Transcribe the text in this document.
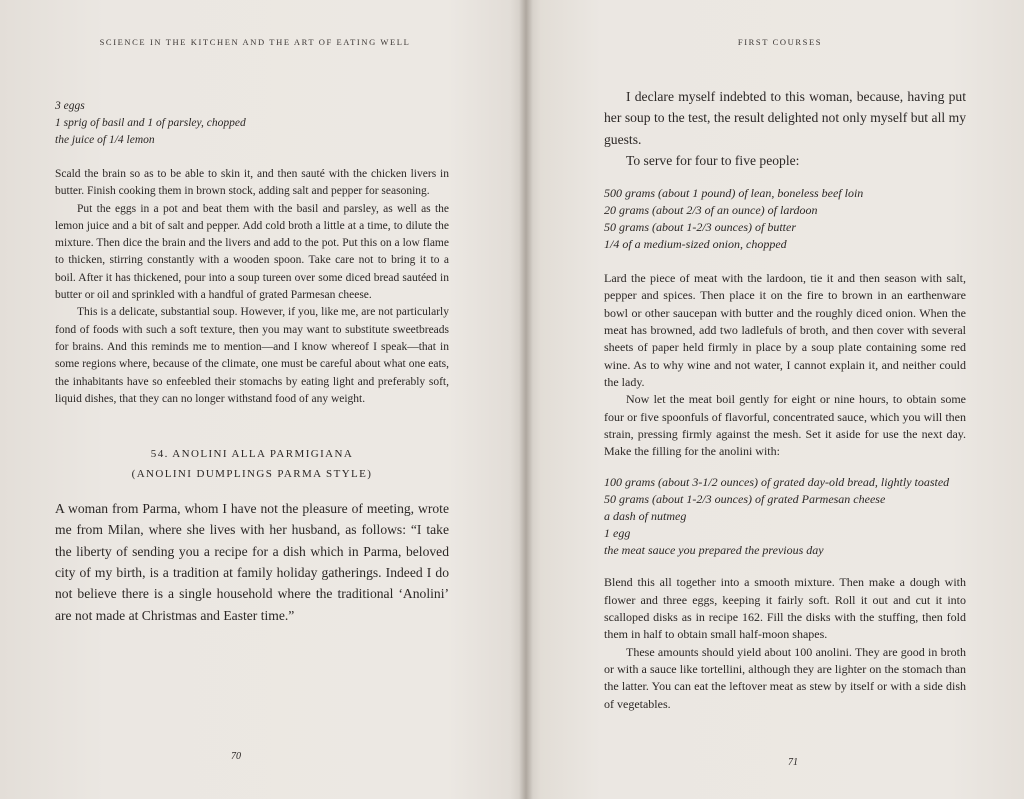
SCIENCE IN THE KITCHEN AND THE ART OF EATING WELL

3 eggs

1 sprig of basil and 1 of parsley, chopped

the juice of 1/4 lemon

Scald the brain so as to be able to skin it, and then sauté with the chicken livers in butter. Finish cooking them in brown stock, adding salt and pepper for seasoning.

Put the eggs in a pot and beat them with the basil and parsley, as well as the lemon juice and a bit of salt and pepper. Add cold broth a little at a time, to dilute the mixture. Then dice the brain and the livers and add to the pot. Put this on a low flame to thicken, stirring constantly with a wooden spoon. Take care not to bring it to a boil. After it has thickened, pour into a soup tureen over some diced bread sautéed in butter or oil and sprinkled with a handful of grated Parmesan cheese.

This is a delicate, substantial soup. However, if you, like me, are not particularly fond of foods with such a soft texture, then you may want to substitute sweetbreads for brains. And this reminds me to mention—and I know whereof I speak—that in some regions where, because of the climate, one must be careful about what one eats, the inhabitants have so enfeebled their stomachs by eating light and preferably soft, liquid dishes, that they can no longer withstand food of any weight.

54. ANOLINI ALLA PARMIGIANA
(ANOLINI DUMPLINGS PARMA STYLE)

A woman from Parma, whom I have not the pleasure of meeting, wrote me from Milan, where she lives with her husband, as follows: “I take the liberty of sending you a recipe for a dish which in Parma, beloved city of my birth, is a tradition at family holiday gatherings. Indeed I do not believe there is a single household where the traditional ‘Anolini’ are not made at Christmas and Easter time.”

70
FIRST COURSES

I declare myself indebted to this woman, because, having put her soup to the test, the result delighted not only myself but all my guests.

To serve for four to five people:

500 grams (about 1 pound) of lean, boneless beef loin

20 grams (about 2/3 of an ounce) of lardoon

50 grams (about 1-2/3 ounces) of butter

1/4 of a medium-sized onion, chopped

Lard the piece of meat with the lardoon, tie it and then season with salt, pepper and spices. Then place it on the fire to brown in an earthenware bowl or other saucepan with butter and the roughly diced onion. When the meat has browned, add two ladlefuls of broth, and then cover with several sheets of paper held firmly in place by a soup plate containing some red wine. As to why wine and not water, I cannot explain it, and neither could the lady.

Now let the meat boil gently for eight or nine hours, to obtain some four or five spoonfuls of flavorful, concentrated sauce, which you will then strain, pressing firmly against the mesh. Set it aside for use the next day. Make the filling for the anolini with:

100 grams (about 3-1/2 ounces) of grated day-old bread, lightly toasted

50 grams (about 1-2/3 ounces) of grated Parmesan cheese

a dash of nutmeg

1 egg

the meat sauce you prepared the previous day

Blend this all together into a smooth mixture. Then make a dough with flower and three eggs, keeping it fairly soft. Roll it out and cut it into scalloped disks as in recipe 162. Fill the disks with the stuffing, then fold them in half to obtain small half-moon shapes.

These amounts should yield about 100 anolini. They are good in broth or with a sauce like tortellini, although they are lighter on the stomach than the latter. You can eat the leftover meat as stew by itself or with a side dish of vegetables.

71
